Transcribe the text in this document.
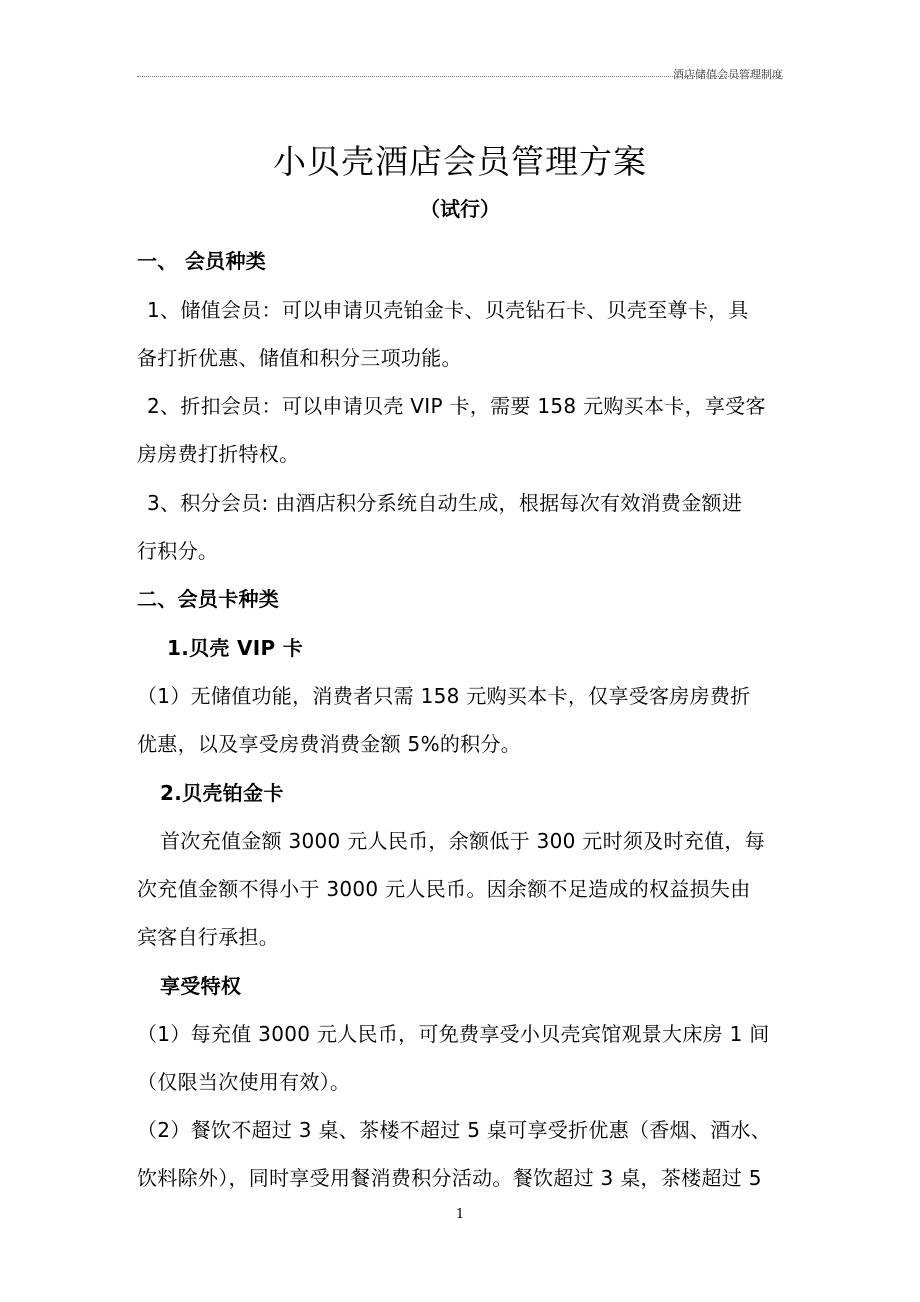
酒店储值会员管理制度
小贝壳酒店会员管理方案
（试行）
一、 会员种类
1、储值会员：可以申请贝壳铂金卡、贝壳钻石卡、贝壳至尊卡，具
备打折优惠、储值和积分三项功能。
2、折扣会员：可以申请贝壳 VIP 卡，需要 158 元购买本卡，享受客
房房费打折特权。
3、积分会员: 由酒店积分系统自动生成，根据每次有效消费金额进
行积分。
二、会员卡种类
1.贝壳 VIP 卡
（1）无储值功能，消费者只需 158 元购买本卡，仅享受客房房费折
优惠，以及享受房费消费金额 5%的积分。
2.贝壳铂金卡
首次充值金额 3000 元人民币，余额低于 300 元时须及时充值，每
次充值金额不得小于 3000 元人民币。因余额不足造成的权益损失由
宾客自行承担。
享受特权
（1）每充值 3000 元人民币，可免费享受小贝壳宾馆观景大床房 1 间
（仅限当次使用有效）。
（2）餐饮不超过 3 桌、茶楼不超过 5 桌可享受折优惠（香烟、酒水、
饮料除外），同时享受用餐消费积分活动。餐饮超过 3 桌，茶楼超过 5
1
